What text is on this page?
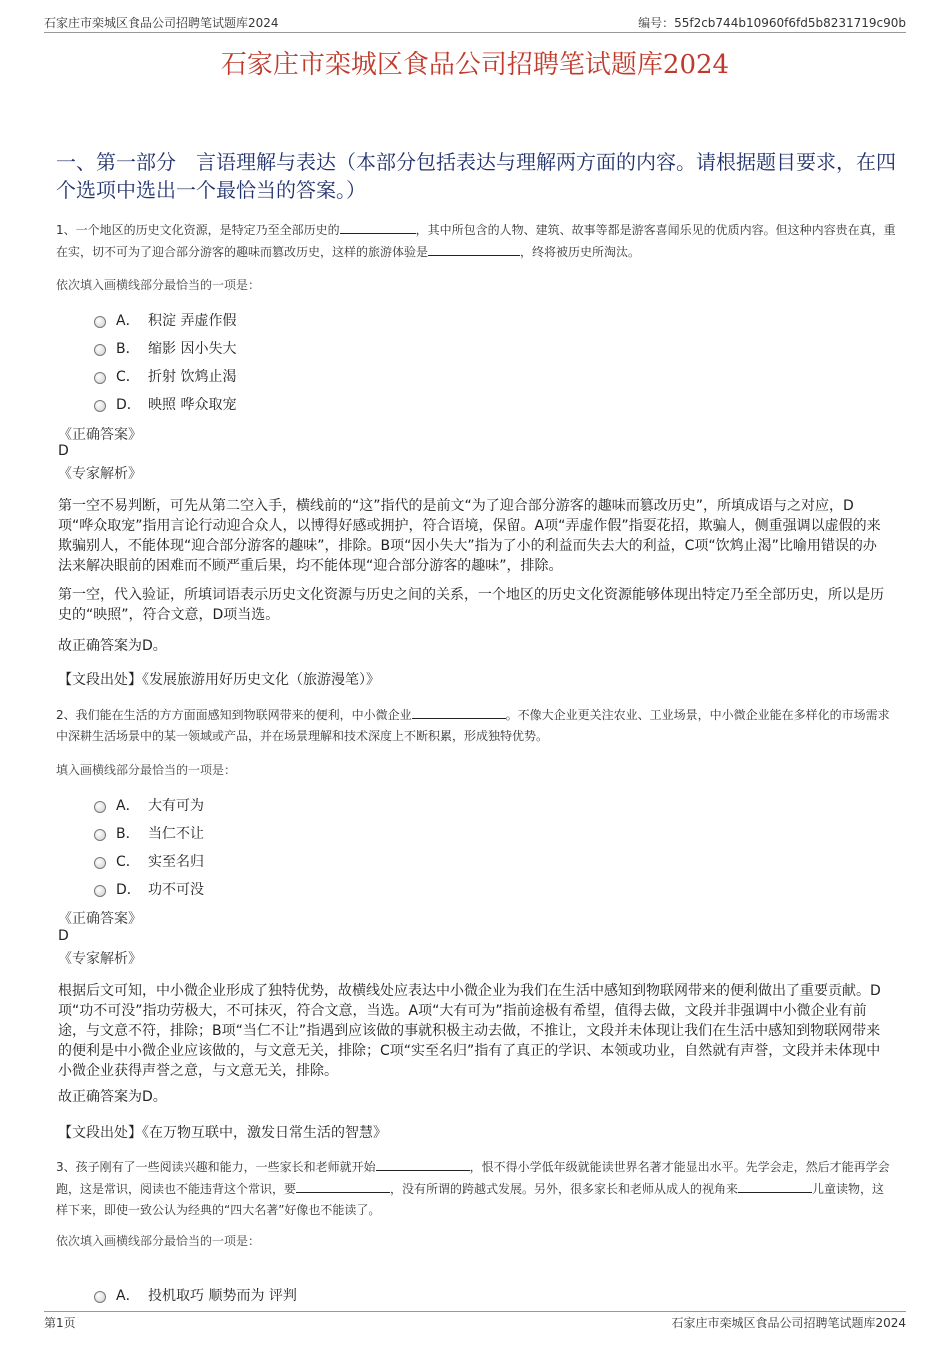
石家庄市栾城区食品公司招聘笔试题库2024	编号：55f2cb744b10960f6fd5b8231719c90b
石家庄市栾城区食品公司招聘笔试题库2024
一、第一部分　言语理解与表达（本部分包括表达与理解两方面的内容。请根据题目要求，在四个选项中选出一个最恰当的答案。）
1、一个地区的历史文化资源，是特定乃至全部历史的	，其中所包含的人物、建筑、故事等都是游客喜闻乐见的优质内容。但这种内容贵在真，重在实，切不可为了迎合部分游客的趣味而篡改历史，这样的旅游体验是	，终将被历史所淘汰。
依次填入画横线部分最恰当的一项是：
A． 积淀 弄虚作假
B． 缩影 因小失大
C． 折射 饮鸩止渴
D． 映照 哗众取宠
《正确答案》
D
《专家解析》
第一空不易判断，可先从第二空入手，横线前的“这”指代的是前文“为了迎合部分游客的趣味而篡改历史”，所填成语与之对应，D项“哗众取宠”指用言论行动迎合众人，以博得好感或拥护，符合语境，保留。A项“弄虚作假”指耍花招，欺骗人，侧重强调以虚假的来欺骗别人，不能体现“迎合部分游客的趣味”，排除。B项“因小失大”指为了小的利益而失去大的利益，C项“饮鸩止渴”比喻用错误的办法来解决眼前的困难而不顾严重后果，均不能体现“迎合部分游客的趣味”，排除。
第一空，代入验证，所填词语表示历史文化资源与历史之间的关系，一个地区的历史文化资源能够体现出特定乃至全部历史，所以是历史的“映照”，符合文意，D项当选。
故正确答案为D。
【文段出处】《发展旅游用好历史文化（旅游漫笔）》
2、我们能在生活的方方面面感知到物联网带来的便利，中小微企业	。不像大企业更关注农业、工业场景，中小微企业能在多样化的市场需求中深耕生活场景中的某一领域或产品，并在场景理解和技术深度上不断积累，形成独特优势。
填入画横线部分最恰当的一项是：
A． 大有可为
B． 当仁不让
C． 实至名归
D． 功不可没
《正确答案》
D
《专家解析》
根据后文可知，中小微企业形成了独特优势，故横线处应表达中小微企业为我们在生活中感知到物联网带来的便利做出了重要贡献。D项“功不可没”指功劳极大，不可抹灭，符合文意，当选。A项“大有可为”指前途极有希望，值得去做，文段并非强调中小微企业有前途，与文意不符，排除；B项“当仁不让”指遇到应该做的事就积极主动去做，不推让，文段并未体现让我们在生活中感知到物联网带来的便利是中小微企业应该做的，与文意无关，排除；C项“实至名归”指有了真正的学识、本领或功业，自然就有声誉，文段并未体现中小微企业获得声誉之意，与文意无关，排除。
故正确答案为D。
【文段出处】《在万物互联中，激发日常生活的智慧》
3、孩子刚有了一些阅读兴趣和能力，一些家长和老师就开始	，恨不得小学低年级就能读世界名著才能显出水平。先学会走，然后才能再学会跑，这是常识，阅读也不能违背这个常识，要	，没有所谓的跨越式发展。另外，很多家长和老师从成人的视角来	儿童读物，这样下来，即使一致公认为经典的“四大名著”好像也不能读了。
依次填入画横线部分最恰当的一项是：
A． 投机取巧 顺势而为 评判
第1页	石家庄市栾城区食品公司招聘笔试题库2024
